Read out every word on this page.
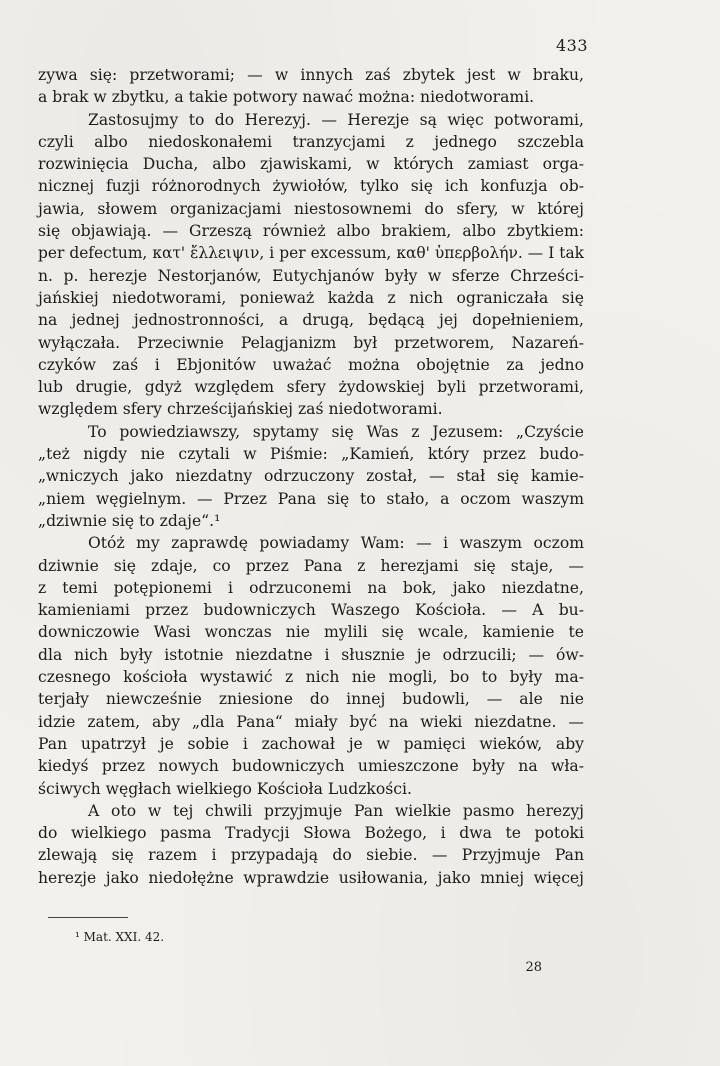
433
zywa się: przetworami; — w innych zaś zbytek jest w braku,
a brak w zbytku, a takie potwory nawać można: niedotworami.
Zastosujmy to do Herezyj. — Herezje są więc potworami,
czyli albo niedoskonałemi tranzycjami z jednego szczebla
rozwinięcia Ducha, albo zjawiskami, w których zamiast orga-
nicznej fuzji różnorodnych żywiołów, tylko się ich konfuzja ob-
jawia, słowem organizacjami niestosownemi do sfery, w której
się objawiają. — Grzeszą również albo brakiem, albo zbytkiem:
per defectum, κατ' ἔλλειψιν, i per excessum, καθ' ὑπερβολήν. — I tak
n. p. herezje Nestorjanów, Eutychjanów były w sferze Chrześci-
jańskiej niedotworami, ponieważ każda z nich ograniczała się
na jednej jednostronności, a drugą, będącą jej dopełnieniem,
wyłączała. Przeciwnie Pelagjanizm był przetworem, Nazareń-
czyków zaś i Ebjonitów uważać można obojętnie za jedno
lub drugie, gdyż względem sfery żydowskiej byli przetworami,
względem sfery chrześcijańskiej zaś niedotworami.
To powiedziawszy, spytamy się Was z Jezusem: „Czyście
„też nigdy nie czytali w Piśmie: „Kamień, który przez budo-
„wniczych jako niezdatny odrzuczony został, — stał się kamie-
„niem węgielnym. — Przez Pana się to stało, a oczom waszym
„dziwnie się to zdaje“.¹
Otóż my zaprawdę powiadamy Wam: — i waszym oczom
dziwnie się zdaje, co przez Pana z herezjami się staje, —
z temi potępionemi i odrzuconemi na bok, jako niezdatne,
kamieniami przez budowniczych Waszego Kościoła. — A bu-
downiczowie Wasi wonczas nie mylili się wcale, kamienie te
dla nich były istotnie niezdatne i słusznie je odrzucili; — ów-
czesnego kościoła wystawić z nich nie mogli, bo to były ma-
terjały niewcześnie zniesione do innej budowli, — ale nie
idzie zatem, aby „dla Pana“ miały być na wieki niezdatne. —
Pan upatrzył je sobie i zachował je w pamięci wieków, aby
kiedyś przez nowych budowniczych umieszczone były na wła-
ściwych węgłach wielkiego Kościoła Ludzkości.
A oto w tej chwili przyjmuje Pan wielkie pasmo herezyj
do wielkiego pasma Tradycji Słowa Bożego, i dwa te potoki
zlewają się razem i przypadają do siebie. — Przyjmuje Pan
herezje jako niedołężne wprawdzie usiłowania, jako mniej więcej
¹ Mat. XXI. 42.
28
